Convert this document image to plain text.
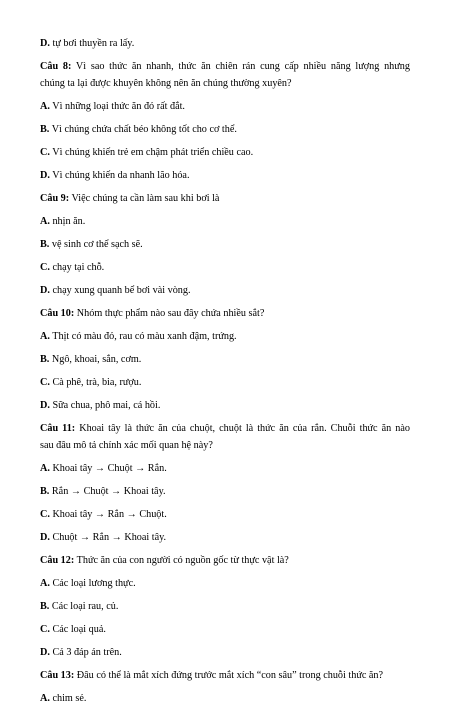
D. tự bơi thuyền ra lấy.
Câu 8: Vì sao thức ăn nhanh, thức ăn chiên rán cung cấp nhiều năng lượng nhưng
chúng ta lại được khuyên không nên ăn chúng thường xuyên?
A. Vì những loại thức ăn đó rất đắt.
B. Vì chúng chứa chất béo không tốt cho cơ thể.
C. Vì chúng khiến trẻ em chậm phát triển chiều cao.
D. Vì chúng khiến da nhanh lão hóa.
Câu 9: Việc chúng ta cần làm sau khi bơi là
A. nhịn ăn.
B. vệ sinh cơ thể sạch sẽ.
C. chạy tại chỗ.
D. chạy xung quanh bể bơi vài vòng.
Câu 10: Nhóm thực phẩm nào sau đây chứa nhiều sắt?
A. Thịt có màu đỏ, rau có màu xanh đậm, trứng.
B. Ngô, khoai, sắn, cơm.
C. Cà phê, trà, bia, rượu.
D. Sữa chua, phô mai, cá hồi.
Câu 11: Khoai tây là thức ăn của chuột, chuột là thức ăn của rắn. Chuỗi thức ăn nào
sau đâu mô tả chính xác mối quan hệ này?
A. Khoai tây → Chuột → Rắn.
B. Rắn → Chuột → Khoai tây.
C. Khoai tây → Rắn → Chuột.
D. Chuột → Rắn → Khoai tây.
Câu 12: Thức ăn của con người có nguồn gốc từ thực vật là?
A. Các loại lương thực.
B. Các loại rau, củ.
C. Các loại quả.
D. Cả 3 đáp án trên.
Câu 13: Đâu có thể là mắt xích đứng trước mắt xích “con sâu” trong chuỗi thức ăn?
A. chim sẻ.
